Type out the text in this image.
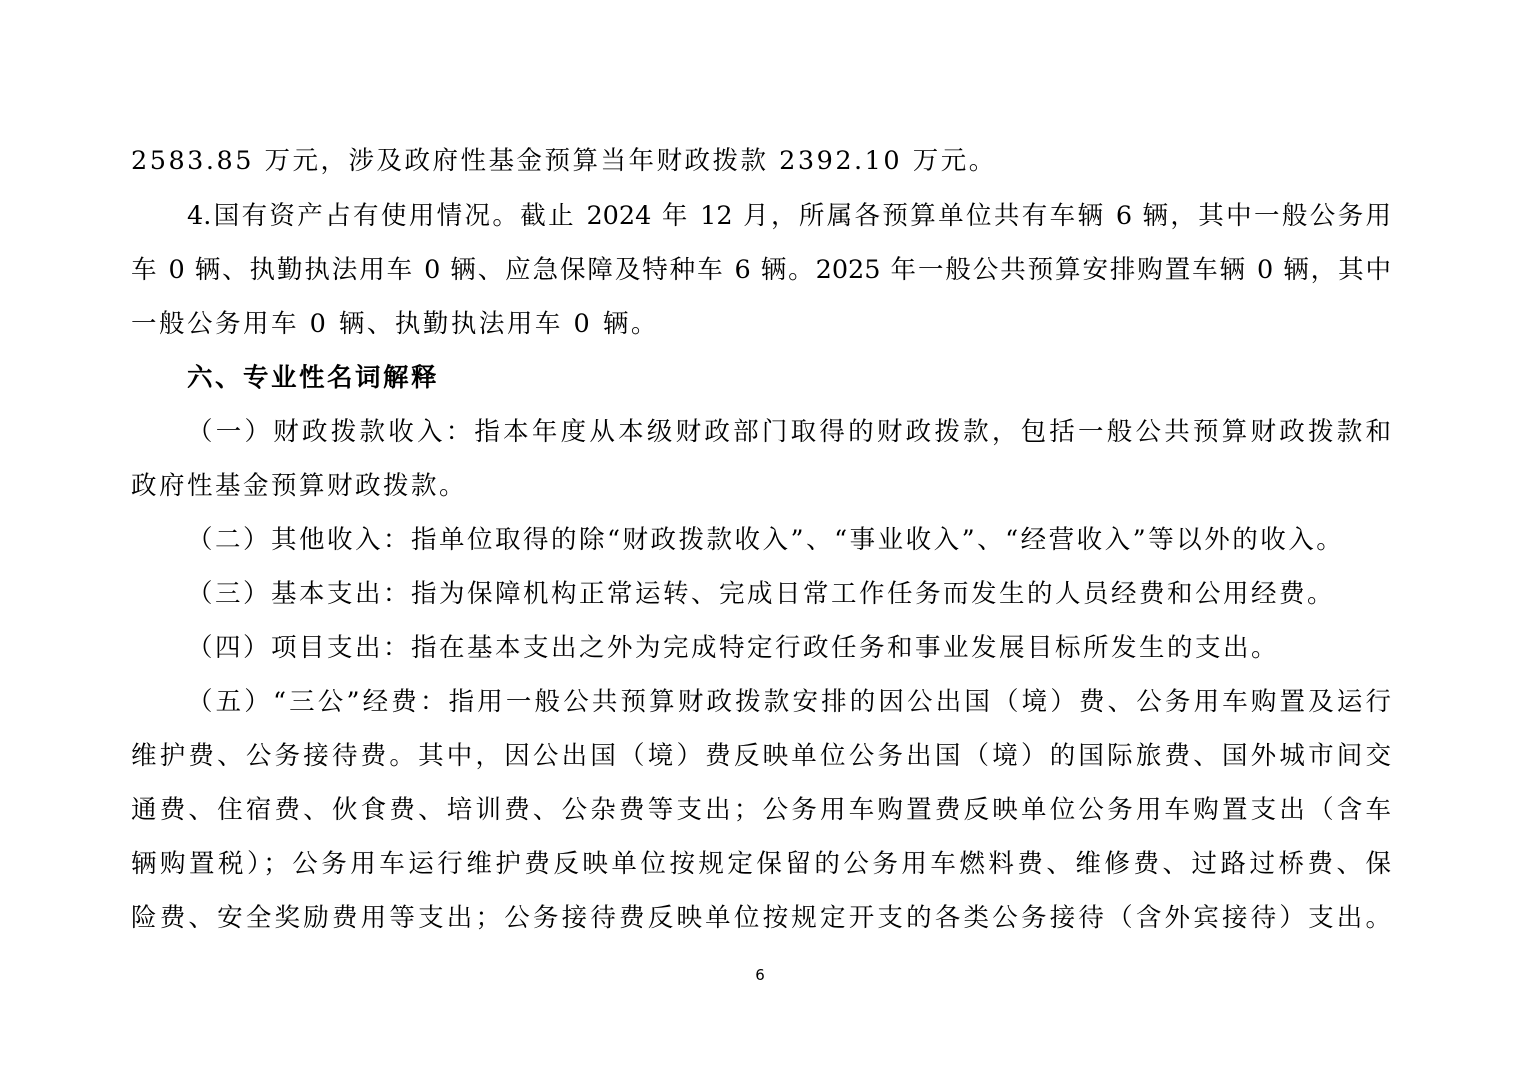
2583.85 万元，涉及政府性基金预算当年财政拨款 2392.10 万元。
4.国有资产占有使用情况。截止 2024 年 12 月，所属各预算单位共有车辆 6 辆，其中一般公务用
车 0 辆、执勤执法用车 0 辆、应急保障及特种车 6 辆。2025 年一般公共预算安排购置车辆 0 辆，其中
一般公务用车 0 辆、执勤执法用车 0 辆。
六、专业性名词解释
（一）财政拨款收入：指本年度从本级财政部门取得的财政拨款，包括一般公共预算财政拨款和
政府性基金预算财政拨款。
（二）其他收入：指单位取得的除“财政拨款收入”、“事业收入”、“经营收入”等以外的收入。
（三）基本支出：指为保障机构正常运转、完成日常工作任务而发生的人员经费和公用经费。
（四）项目支出：指在基本支出之外为完成特定行政任务和事业发展目标所发生的支出。
（五）“三公”经费：指用一般公共预算财政拨款安排的因公出国（境）费、公务用车购置及运行
维护费、公务接待费。其中，因公出国（境）费反映单位公务出国（境）的国际旅费、国外城市间交
通费、住宿费、伙食费、培训费、公杂费等支出；公务用车购置费反映单位公务用车购置支出（含车
辆购置税）；公务用车运行维护费反映单位按规定保留的公务用车燃料费、维修费、过路过桥费、保
险费、安全奖励费用等支出；公务接待费反映单位按规定开支的各类公务接待（含外宾接待）支出。
6
